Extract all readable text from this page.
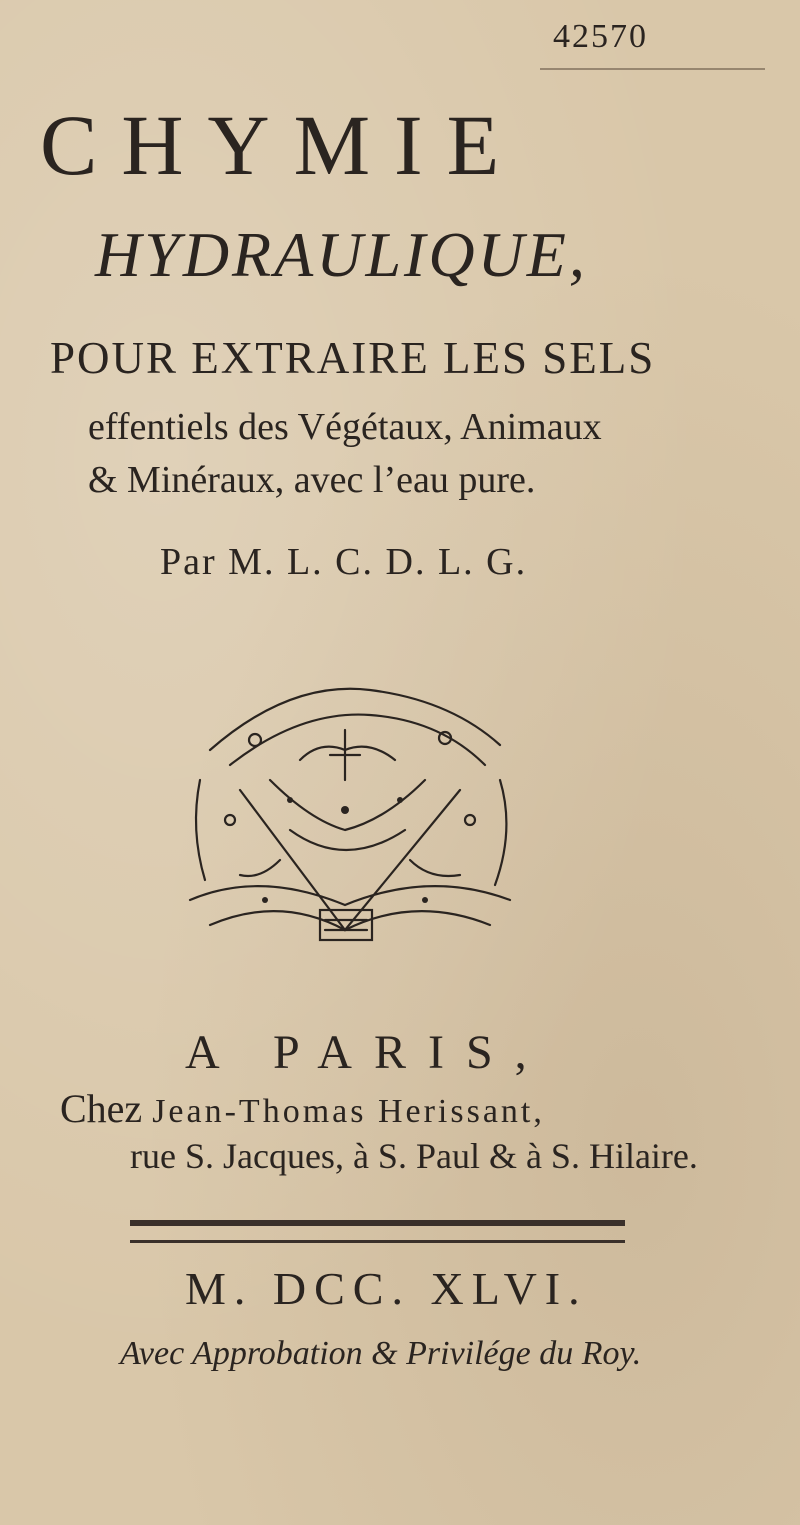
42570
CHYMIE
HYDRAULIQUE,
POUR EXTRAIRE LES SELS
effentiels des Végétaux, Animaux
& Minéraux, avec l’eau pure.
Par M. L. C. D. L. G.
A PARIS,
Chez Jean-Thomas Herissant,
rue S. Jacques, à S. Paul & à S. Hilaire.
M. DCC. XLVI.
Avec Approbation & Privilége du Roy.
